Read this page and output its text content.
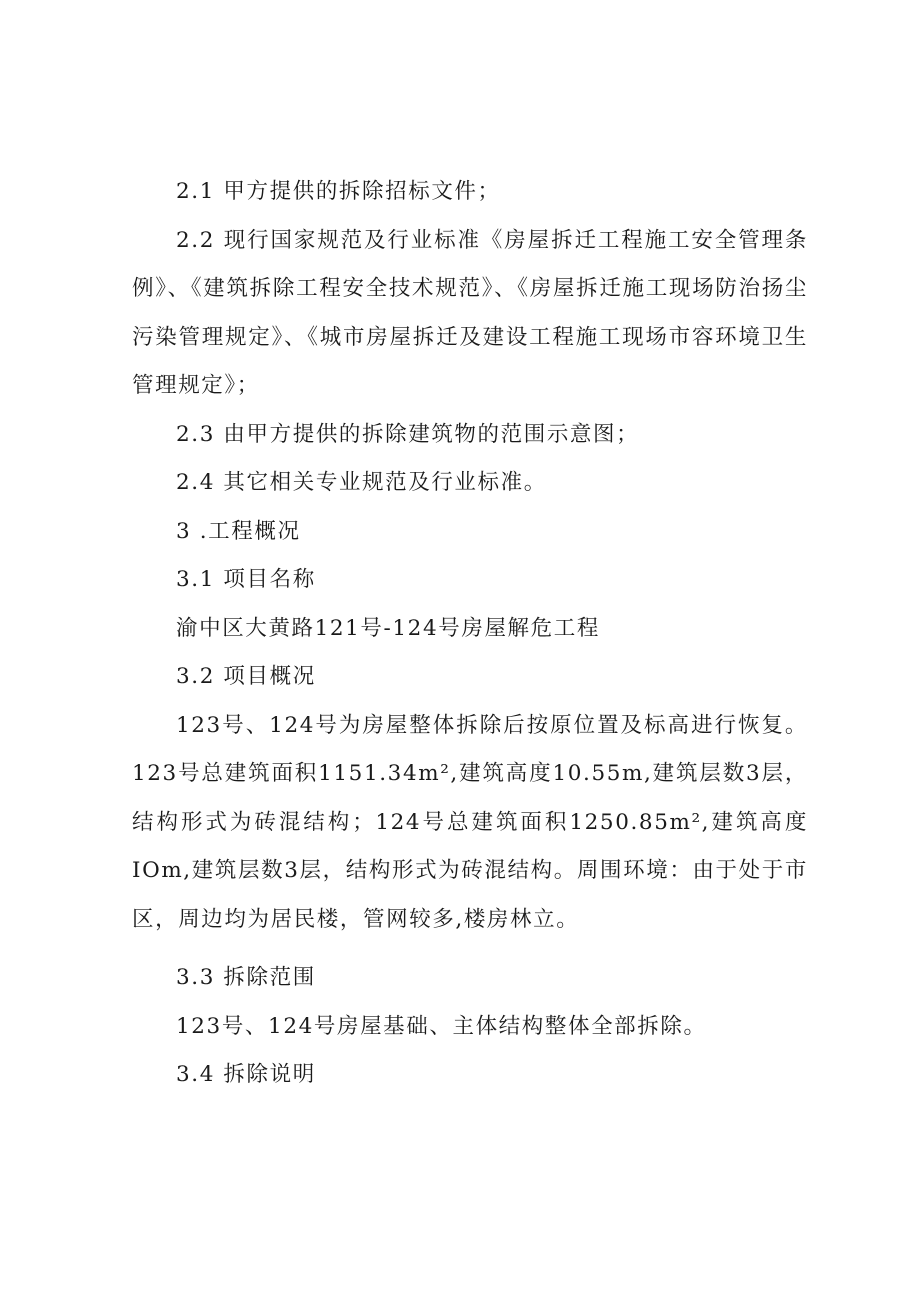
2.1 甲方提供的拆除招标文件；

2.2 现行国家规范及行业标准《房屋拆迁工程施工安全管理条例》、《建筑拆除工程安全技术规范》、《房屋拆迁施工现场防治扬尘污染管理规定》、《城市房屋拆迁及建设工程施工现场市容环境卫生管理规定》；

2.3 由甲方提供的拆除建筑物的范围示意图；

2.4 其它相关专业规范及行业标准。

3 .工程概况

3.1 项目名称

渝中区大黄路121号-124号房屋解危工程

3.2 项目概况

123号、124号为房屋整体拆除后按原位置及标高进行恢复。123号总建筑面积1151.34m²,建筑高度10.55m,建筑层数3层，结构形式为砖混结构；124号总建筑面积1250.85m²,建筑高度IOm,建筑层数3层，结构形式为砖混结构。周围环境：由于处于市区，周边均为居民楼，管网较多,楼房林立。

3.3 拆除范围

123号、124号房屋基础、主体结构整体全部拆除。

3.4 拆除说明
